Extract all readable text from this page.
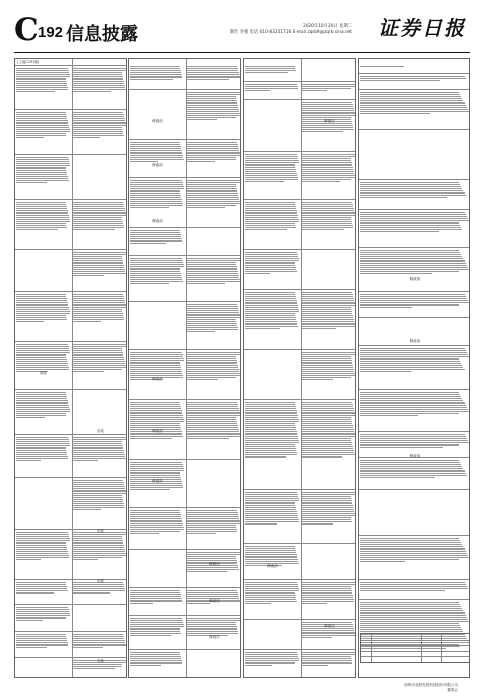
C 192 信息披露	2020年10月20日 星期二
制作 李强 电话 010-83251716 E-mail zqrb9@zqrb.sina.net 证券日报
(上接C191版)
前款
后款
后款
后款
后款
修改前
修改前
修改前
修改前
修改前
修改前
修改后
修改后
修改后
修改后
修改前
修改后
修改前
修改前
修改前
深圳市亚联发展科技股份有限公司
董事会
